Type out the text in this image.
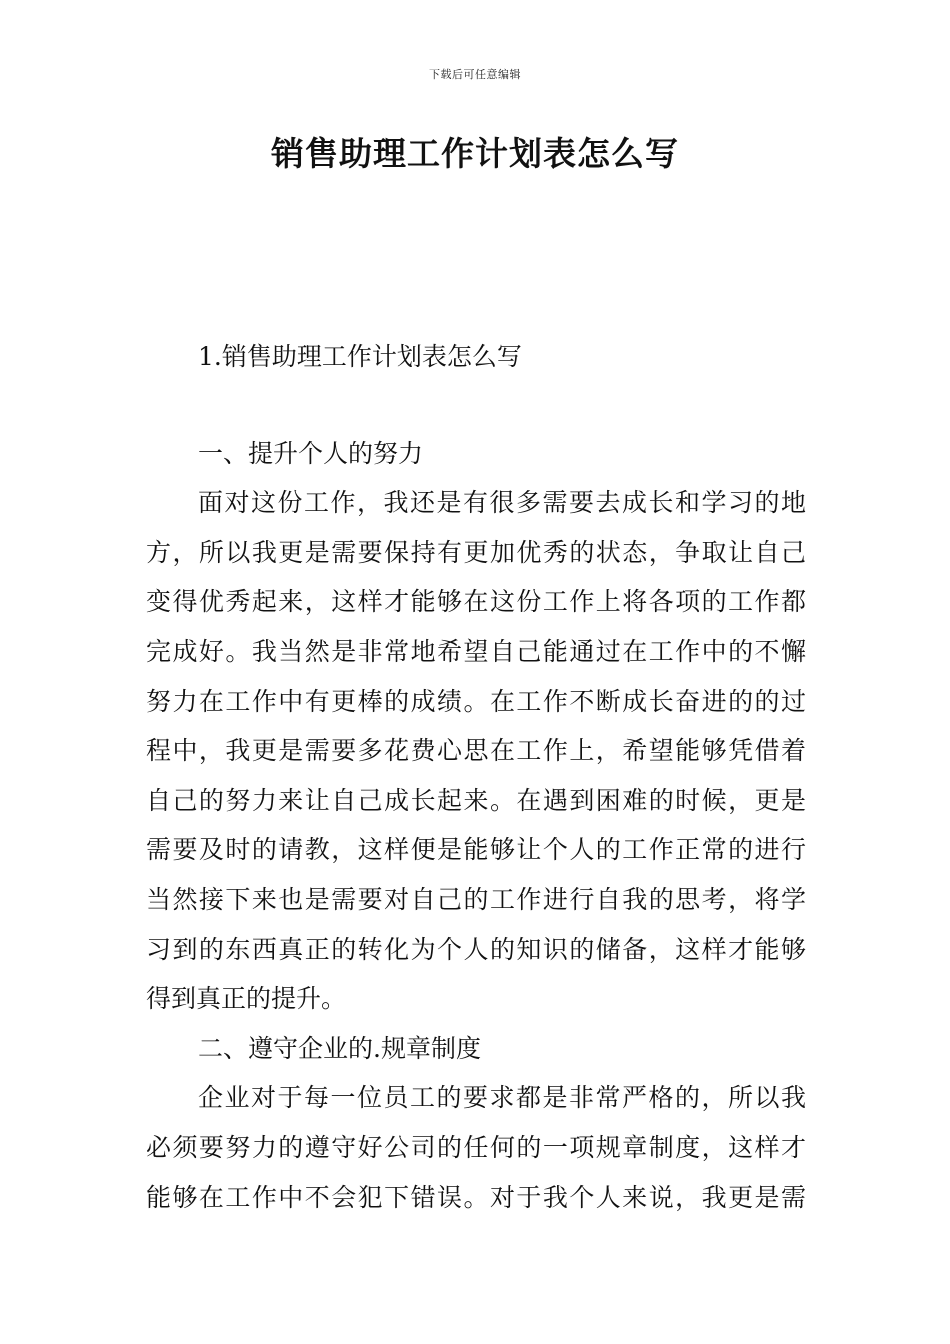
下载后可任意编辑
销售助理工作计划表怎么写
1.销售助理工作计划表怎么写
一、提升个人的努力
面对这份工作，我还是有很多需要去成长和学习的地
方，所以我更是需要保持有更加优秀的状态，争取让自己
变得优秀起来，这样才能够在这份工作上将各项的工作都
完成好。我当然是非常地希望自己能通过在工作中的不懈
努力在工作中有更棒的成绩。在工作不断成长奋进的的过
程中，我更是需要多花费心思在工作上，希望能够凭借着
自己的努力来让自己成长起来。在遇到困难的时候，更是
需要及时的请教，这样便是能够让个人的工作正常的进行
当然接下来也是需要对自己的工作进行自我的思考，将学
习到的东西真正的转化为个人的知识的储备，这样才能够
得到真正的提升。
二、遵守企业的.规章制度
企业对于每一位员工的要求都是非常严格的，所以我
必须要努力的遵守好公司的任何的一项规章制度，这样才
能够在工作中不会犯下错误。对于我个人来说，我更是需
